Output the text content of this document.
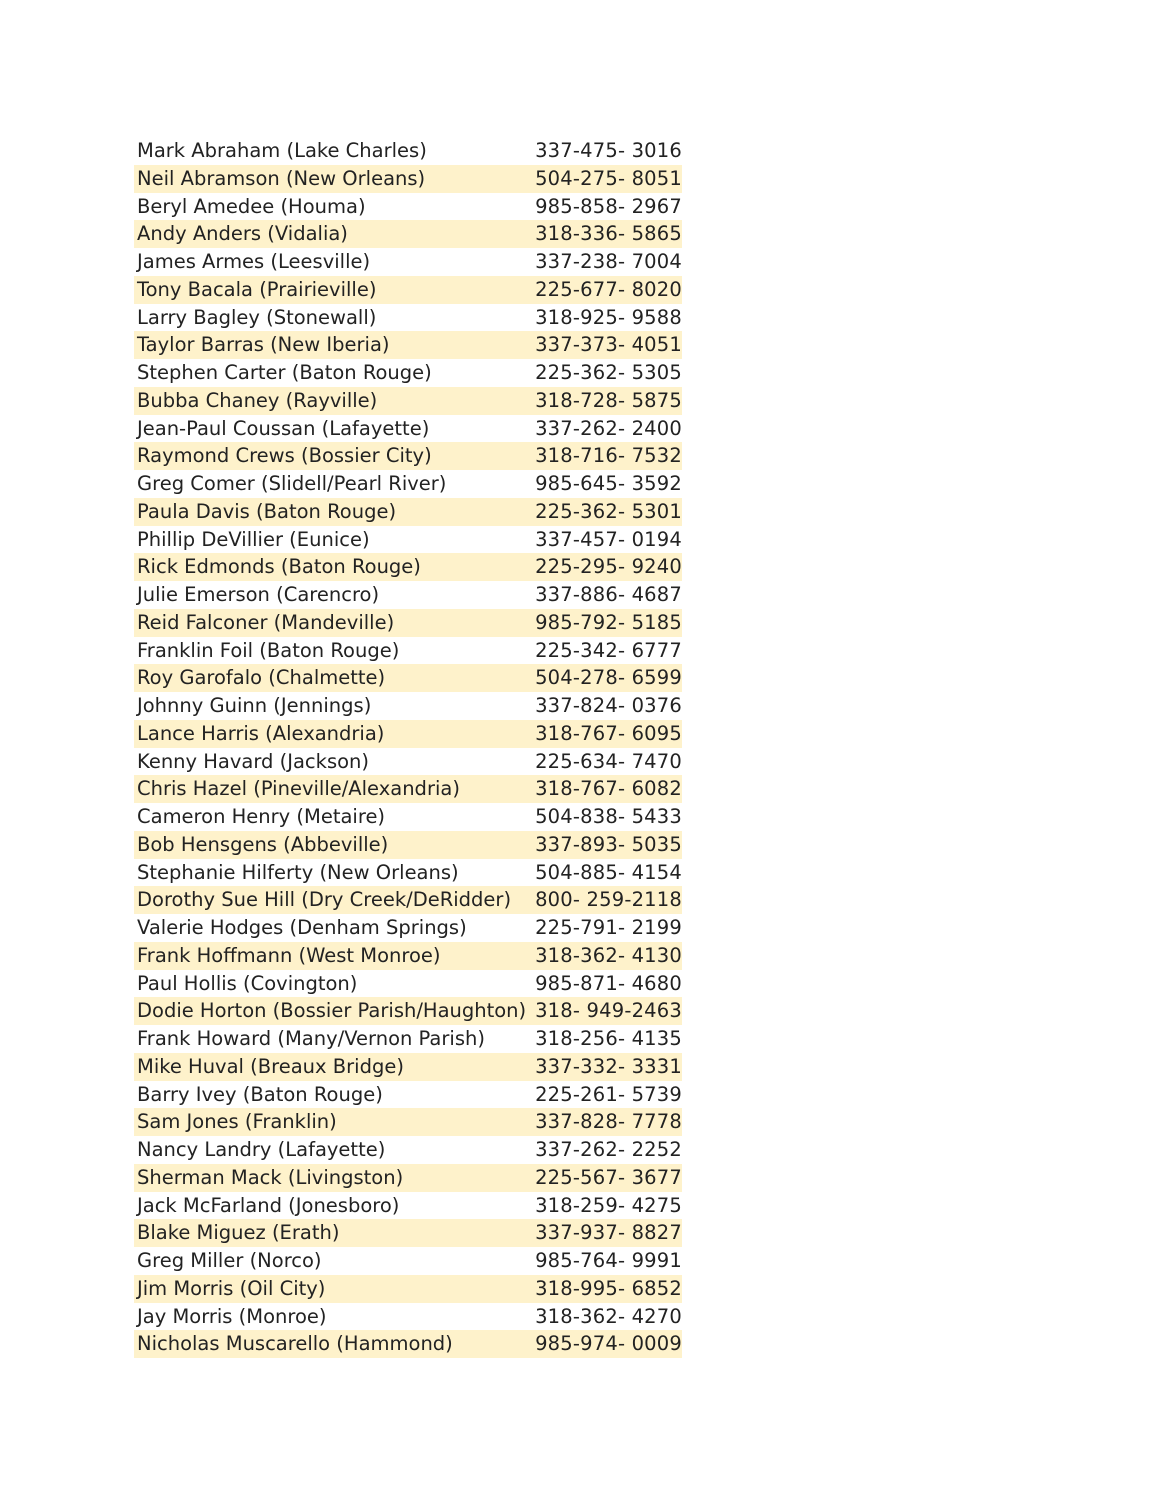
Mark Abraham (Lake Charles)	337-475- 3016
Neil Abramson (New Orleans)	504-275- 8051
Beryl Amedee (Houma)	985-858- 2967
Andy Anders (Vidalia)	318-336- 5865
James Armes (Leesville)	337-238- 7004
Tony Bacala (Prairieville)	225-677- 8020
Larry Bagley (Stonewall)	318-925- 9588
Taylor Barras (New Iberia)	337-373- 4051
Stephen Carter (Baton Rouge)	225-362- 5305
Bubba Chaney (Rayville)	318-728- 5875
Jean-Paul Coussan (Lafayette)	337-262- 2400
Raymond Crews (Bossier City)	318-716- 7532
Greg Comer (Slidell/Pearl River)	985-645- 3592
Paula Davis (Baton Rouge)	225-362- 5301
Phillip DeVillier (Eunice)	337-457- 0194
Rick Edmonds (Baton Rouge)	225-295- 9240
Julie Emerson (Carencro)	337-886- 4687
Reid Falconer (Mandeville)	985-792- 5185
Franklin Foil (Baton Rouge)	225-342- 6777
Roy Garofalo (Chalmette)	504-278- 6599
Johnny Guinn (Jennings)	337-824- 0376
Lance Harris (Alexandria)	318-767- 6095
Kenny Havard (Jackson)	225-634- 7470
Chris Hazel (Pineville/Alexandria)	318-767- 6082
Cameron Henry (Metaire)	504-838- 5433
Bob Hensgens (Abbeville)	337-893- 5035
Stephanie Hilferty (New Orleans)	504-885- 4154
Dorothy Sue Hill (Dry Creek/DeRidder)	800- 259-2118
Valerie Hodges (Denham Springs)	225-791- 2199
Frank Hoffmann (West Monroe)	318-362- 4130
Paul Hollis (Covington)	985-871- 4680
Dodie Horton (Bossier Parish/Haughton) 318- 949-2463
Frank Howard (Many/Vernon Parish)	318-256- 4135
Mike Huval (Breaux Bridge)	337-332- 3331
Barry Ivey (Baton Rouge)	225-261- 5739
Sam Jones (Franklin)	337-828- 7778
Nancy Landry (Lafayette)	337-262- 2252
Sherman Mack (Livingston)	225-567- 3677
Jack McFarland (Jonesboro)	318-259- 4275
Blake Miguez (Erath)	337-937- 8827
Greg Miller (Norco)	985-764- 9991
Jim Morris (Oil City)	318-995- 6852
Jay Morris (Monroe)	318-362- 4270
Nicholas Muscarello (Hammond)	985-974- 0009
